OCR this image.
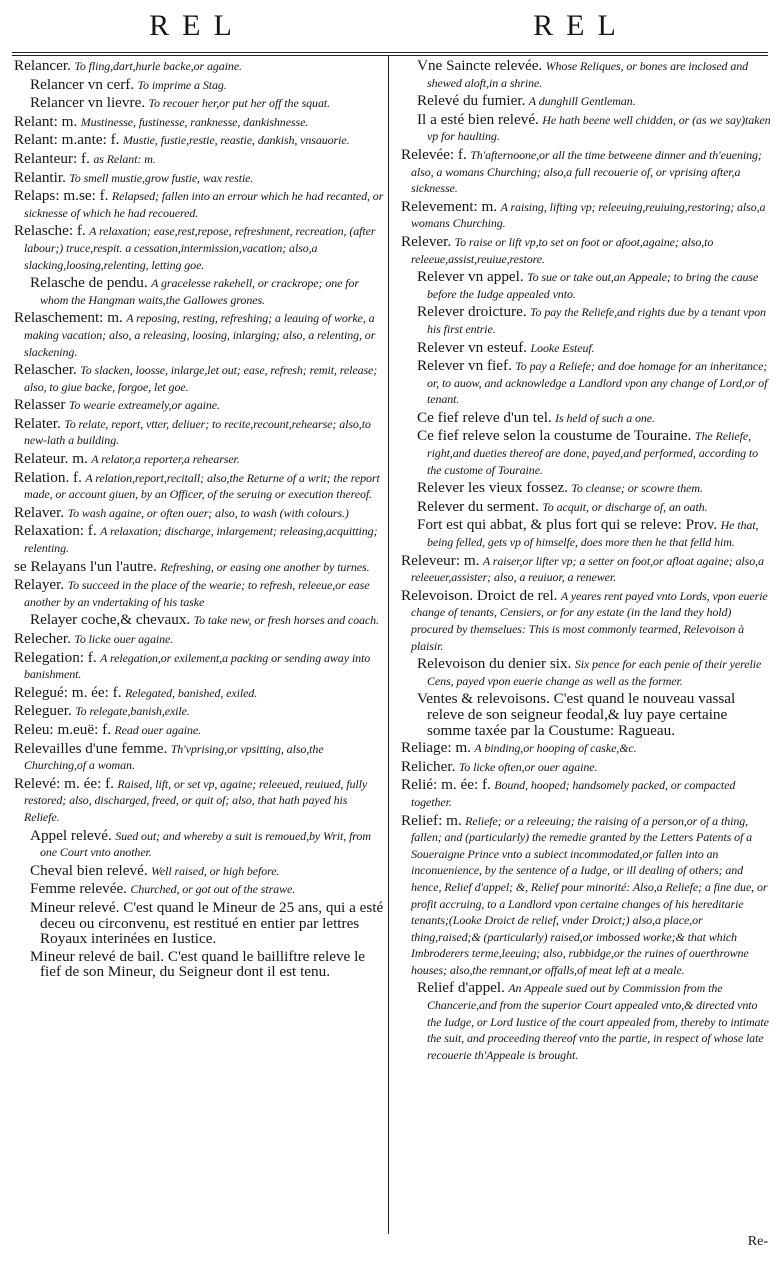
REL	REL

Relancer. To fling,dart,hurle backe,or againe.

Relancer vn cerf. To imprime a Stag.

Relancer vn lievre. To recouer her,or put her off the squat.

Relant: m. Mustinesse, fustinesse, ranknesse, dankishnesse.

Relant: m.ante: f. Mustie, fustie,restie, reastie, dankish, vnsauorie.

Relanteur: f. as Relant: m.

Relantir. To smell mustie,grow fustie, wax restie.

Relaps: m.se: f. Relapsed; fallen into an errour which he had recanted, or sicknesse of which he had recouered.

Relasche: f. A relaxation; ease,rest,repose, refreshment, recreation, (after labour;) truce,respit. a cessation,intermission,vacation; also,a slacking,loosing,relenting, letting goe.

Relasche de pendu. A gracelesse rakehell, or crackrope; one for whom the Hangman waits,the Gallowes grones.

Relaschement: m. A reposing, resting, refreshing; a leauing of worke, a making vacation; also, a releasing, loosing, inlarging; also, a relenting, or slackening.

Relascher. To slacken, loosse, inlarge,let out; ease, refresh; remit, release; also, to giue backe, forgoe, let goe.

Relasser To wearie extreamely,or againe.

Relater. To relate, report, vtter, deliuer; to recite,recount,rehearse; also,to new-lath a building.

Relateur. m. A relator,a reporter,a rehearser.

Relation. f. A relation,report,recitall; also,the Returne of a writ; the report made, or account giuen, by an Officer, of the seruing or execution thereof.

Relaver. To wash againe, or often ouer; also, to wash (with colours.)

Relaxation: f. A relaxation; discharge, inlargement; releasing,acquitting; relenting.

se Relayans l'un l'autre. Refreshing, or easing one another by turnes.

Relayer. To succeed in the place of the wearie; to refresh, releeue,or ease another by an vndertaking of his taske

Relayer coche,& chevaux. To take new, or fresh horses and coach.

Relecher. To licke ouer againe.

Relegation: f. A relegation,or exilement,a packing or sending away into banishment.

Relegué: m. ée: f. Relegated, banished, exiled.

Releguer. To relegate,banish,exile.

Releu: m.euë: f. Read ouer againe.

Relevailles d'une femme. Th'vprising,or vpsitting, also,the Churching,of a woman.

Relevé: m. ée: f. Raised, lift, or set vp, againe; releeued, reuiued, fully restored; also, discharged, freed, or quit of; also, that hath payed his Reliefe.

Appel relevé. Sued out; and whereby a suit is remoued,by Writ, from one Court vnto another.

Cheval bien relevé. Well raised, or high before.

Femme relevée. Churched, or got out of the strawe.

Mineur relevé. C'est quand le Mineur de 25 ans, qui a esté deceu ou circonvenu, est restitué en entier par lettres Royaux interinées en Iustice.

Mineur relevé de bail. C'est quand le bailliftre releve le fief de son Mineur, du Seigneur dont il est tenu.

Vne Saincte relevée. Whose Reliques, or bones are inclosed and shewed aloft,in a shrine.

Relevé du fumier. A dunghill Gentleman.

Il a esté bien relevé. He hath beene well chidden, or (as we say)taken vp for haulting.

Relevée: f. Th'afternoone,or all the time betweene dinner and th'euening; also, a womans Churching; also,a full recouerie of, or vprising after,a sicknesse.

Relevement: m. A raising, lifting vp; releeuing,reuiuing,restoring; also,a womans Churching.

Relever. To raise or lift vp,to set on foot or afoot,againe; also,to releeue,assist,reuiue,restore.

Relever vn appel. To sue or take out,an Appeale; to bring the cause before the Iudge appealed vnto.

Relever droicture. To pay the Reliefe,and rights due by a tenant vpon his first entrie.

Relever vn esteuf. Looke Esteuf.

Relever vn fief. To pay a Reliefe; and doe homage for an inheritance; or, to auow, and acknowledge a Landlord vpon any change of Lord,or of tenant.

Ce fief releve d'un tel. Is held of such a one.

Ce fief releve selon la coustume de Touraine. The Reliefe, right,and dueties thereof are done, payed,and performed, according to the custome of Touraine.

Relever les vieux fossez. To cleanse; or scowre them.

Relever du serment. To acquit, or discharge of, an oath.

Fort est qui abbat, & plus fort qui se releve: Prov. He that, being felled, gets vp of himselfe, does more then he that felld him.

Releveur: m. A raiser,or lifter vp; a setter on foot,or afloat againe; also,a releeuer,assister; also, a reuiuor, a renewer.

Relevoison. Droict de rel. A yeares rent payed vnto Lords, vpon euerie change of tenants, Censiers, or for any estate (in the land they hold) procured by themselues: This is most commonly tearmed, Relevoison à plaisir.

Relevoison du denier six. Six pence for each penie of their yerelie Cens, payed vpon euerie change as well as the former.

Ventes & relevoisons. C'est quand le nouveau vassal releve de son seigneur feodal,& luy paye certaine somme taxée par la Coustume: Ragueau.

Reliage: m. A binding,or hooping of caske,&c.

Relicher. To licke often,or ouer againe.

Relié: m. ée: f. Bound, hooped; handsomely packed, or compacted together.

Relief: m. Reliefe; or a releeuing; the raising of a person,or of a thing, fallen; and (particularly) the remedie granted by the Letters Patents of a Soueraigne Prince vnto a subiect incommodated,or fallen into an inconuenience, by the sentence of a Iudge, or ill dealing of others; and hence, Relief d'appel; &, Relief pour minorité: Also,a Reliefe; a fine due, or profit accruing, to a Landlord vpon certaine changes of his hereditarie tenants;(Looke Droict de relief, vnder Droict;) also,a place,or thing,raised;& (particularly) raised,or imbossed worke;& that which Imbroderers terme,leeuing; also, rubbidge,or the ruines of ouerthrowne houses; also,the remnant,or offalls,of meat left at a meale.

Relief d'appel. An Appeale sued out by Commission from the Chancerie,and from the superior Court appealed vnto,& directed vnto the Iudge, or Lord Iustice of the court appealed from, thereby to intimate the suit, and proceeding thereof vnto the partie, in respect of whose late recouerie th'Appeale is brought.

Re-
